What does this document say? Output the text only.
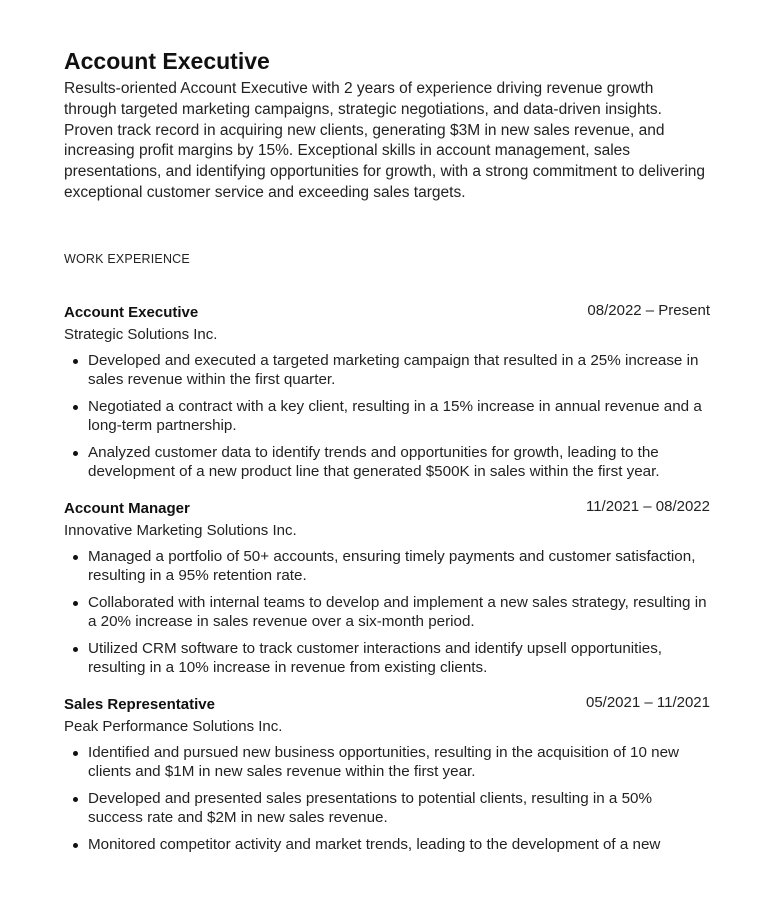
Account Executive

Results-oriented Account Executive with 2 years of experience driving revenue growth through targeted marketing campaigns, strategic negotiations, and data-driven insights. Proven track record in acquiring new clients, generating $3M in new sales revenue, and increasing profit margins by 15%. Exceptional skills in account management, sales presentations, and identifying opportunities for growth, with a strong commitment to delivering exceptional customer service and exceeding sales targets.

WORK EXPERIENCE
Account Executive	08/2022 – Present
Strategic Solutions Inc.
Developed and executed a targeted marketing campaign that resulted in a 25% increase in sales revenue within the first quarter.
Negotiated a contract with a key client, resulting in a 15% increase in annual revenue and a long-term partnership.
Analyzed customer data to identify trends and opportunities for growth, leading to the development of a new product line that generated $500K in sales within the first year.
Account Manager	11/2021 – 08/2022
Innovative Marketing Solutions Inc.
Managed a portfolio of 50+ accounts, ensuring timely payments and customer satisfaction, resulting in a 95% retention rate.
Collaborated with internal teams to develop and implement a new sales strategy, resulting in a 20% increase in sales revenue over a six-month period.
Utilized CRM software to track customer interactions and identify upsell opportunities, resulting in a 10% increase in revenue from existing clients.
Sales Representative	05/2021 – 11/2021
Peak Performance Solutions Inc.
Identified and pursued new business opportunities, resulting in the acquisition of 10 new clients and $1M in new sales revenue within the first year.
Developed and presented sales presentations to potential clients, resulting in a 50% success rate and $2M in new sales revenue.
Monitored competitor activity and market trends, leading to the development of a new
